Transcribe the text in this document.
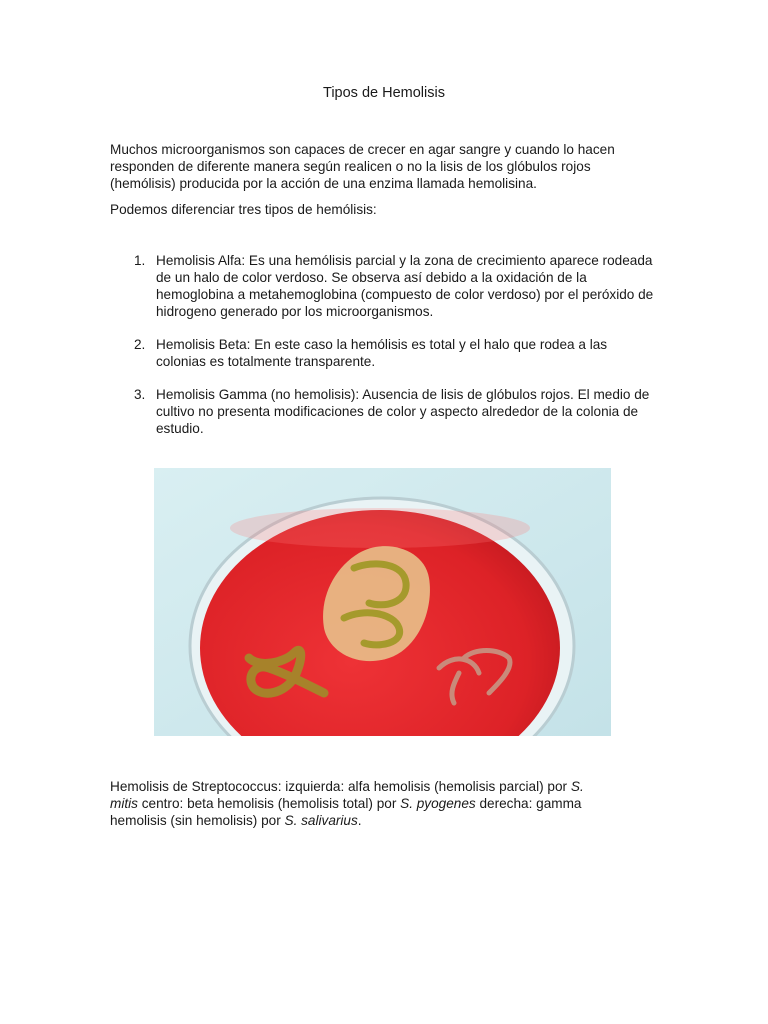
Tipos de Hemolisis
Muchos microorganismos son capaces de crecer en agar sangre y cuando lo hacen responden de diferente manera según realicen o no la lisis de los glóbulos rojos (hemólisis) producida por la acción de una enzima llamada hemolisina.
Podemos diferenciar tres tipos de hemólisis:
1. Hemolisis Alfa: Es una hemólisis parcial y la zona de crecimiento aparece rodeada de un halo de color verdoso. Se observa así debido a la oxidación de la hemoglobina a metahemoglobina (compuesto de color verdoso) por el peróxido de hidrogeno generado por los microorganismos.
2. Hemolisis Beta: En este caso la hemólisis es total y el halo que rodea a las colonias es totalmente transparente.
3. Hemolisis Gamma (no hemolisis): Ausencia de lisis de glóbulos rojos. El medio de cultivo no presenta modificaciones de color y aspecto alrededor de la colonia de estudio.
Hemolisis de Streptococcus: izquierda: alfa hemolisis (hemolisis parcial) por S. mitis centro: beta hemolisis (hemolisis total) por S. pyogenes derecha: gamma hemolisis (sin hemolisis) por S. salivarius.
